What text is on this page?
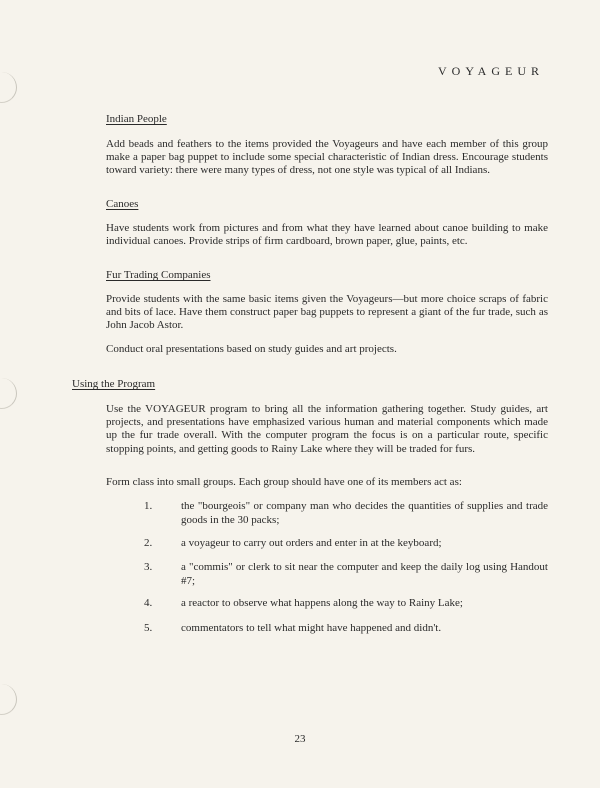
VOYAGEUR
Indian People

Add beads and feathers to the items provided the Voyageurs and have each member of this group make a paper bag puppet to include some special characteristic of Indian dress. Encourage students toward variety: there were many types of dress, not one style was typical of all Indians.

Canoes

Have students work from pictures and from what they have learned about canoe building to make individual canoes. Provide strips of firm cardboard, brown paper, glue, paints, etc.

Fur Trading Companies

Provide students with the same basic items given the Voyageurs—but more choice scraps of fabric and bits of lace. Have them construct paper bag puppets to represent a giant of the fur trade, such as John Jacob Astor.

Conduct oral presentations based on study guides and art projects.

Using the Program

Use the VOYAGEUR program to bring all the information gathering together. Study guides, art projects, and presentations have emphasized various human and material components which made up the fur trade overall. With the computer program the focus is on a particular route, specific stopping points, and getting goods to Rainy Lake where they will be traded for furs.

Form class into small groups. Each group should have one of its members act as:

1.	the "bourgeois" or company man who decides the quantities of supplies and trade goods in the 30 packs;
2.	a voyageur to carry out orders and enter in at the keyboard;
3.	a "commis" or clerk to sit near the computer and keep the daily log using Handout #7;
4.	a reactor to observe what happens along the way to Rainy Lake;
5.	commentators to tell what might have happened and didn't.
23
